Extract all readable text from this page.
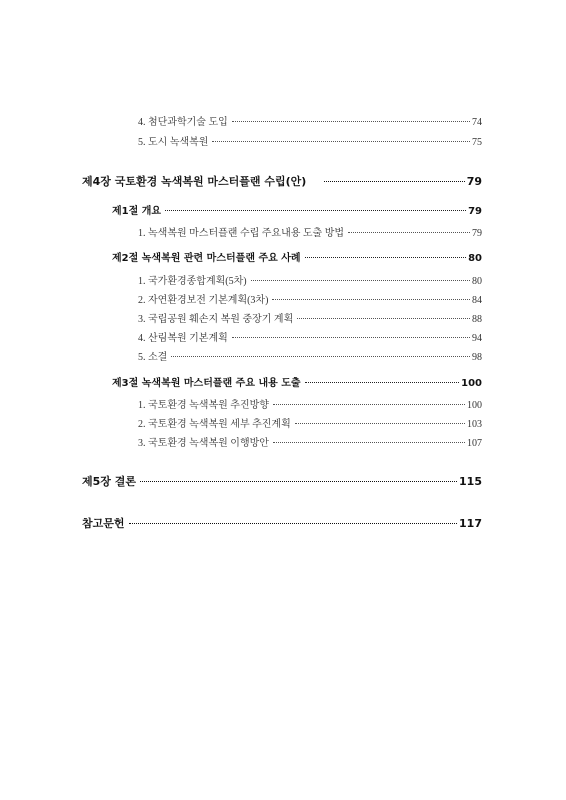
4. 첨단과학기술 도입	74
5. 도시 녹색복원	75
제4장 국토환경 녹색복원 마스터플랜 수립(안)	79
제1절 개요	79
1. 녹색복원 마스터플랜 수립 주요내용 도출 방법	79
제2절 녹색복원 관련 마스터플랜 주요 사례	80
1. 국가환경종합계획(5차)	80
2. 자연환경보전 기본계획(3차)	84
3. 국립공원 훼손지 복원 중장기 계획	88
4. 산림복원 기본계획	94
5. 소결	98
제3절 녹색복원 마스터플랜 주요 내용 도출	100
1. 국토환경 녹색복원 추진방향	100
2. 국토환경 녹색복원 세부 추진계획	103
3. 국토환경 녹색복원 이행방안	107
제5장 결론	115
참고문헌	117
